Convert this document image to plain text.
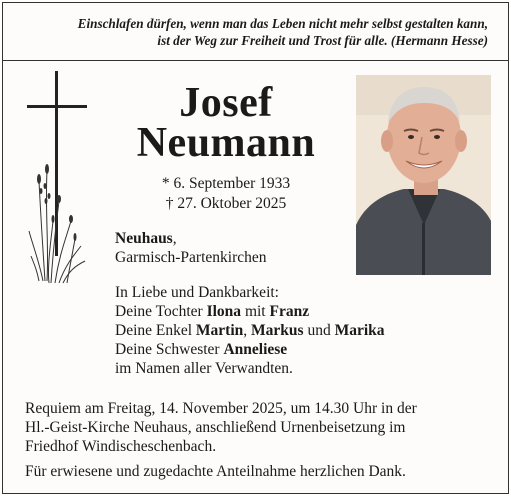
Einschlafen dürfen, wenn man das Leben nicht mehr selbst gestalten kann,
ist der Weg zur Freiheit und Trost für alle. (Hermann Hesse)
Josef
Neumann
* 6. September 1933
† 27. Oktober 2025
Neuhaus,
Garmisch-Partenkirchen
In Liebe und Dankbarkeit:
Deine Tochter Ilona mit Franz
Deine Enkel Martin, Markus und Marika
Deine Schwester Anneliese
im Namen aller Verwandten.
Requiem am Freitag, 14. November 2025, um 14.30 Uhr in der
Hl.-Geist-Kirche Neuhaus, anschließend Urnenbeisetzung im
Friedhof Windischeschenbach.
Für erwiesene und zugedachte Anteilnahme herzlichen Dank.
